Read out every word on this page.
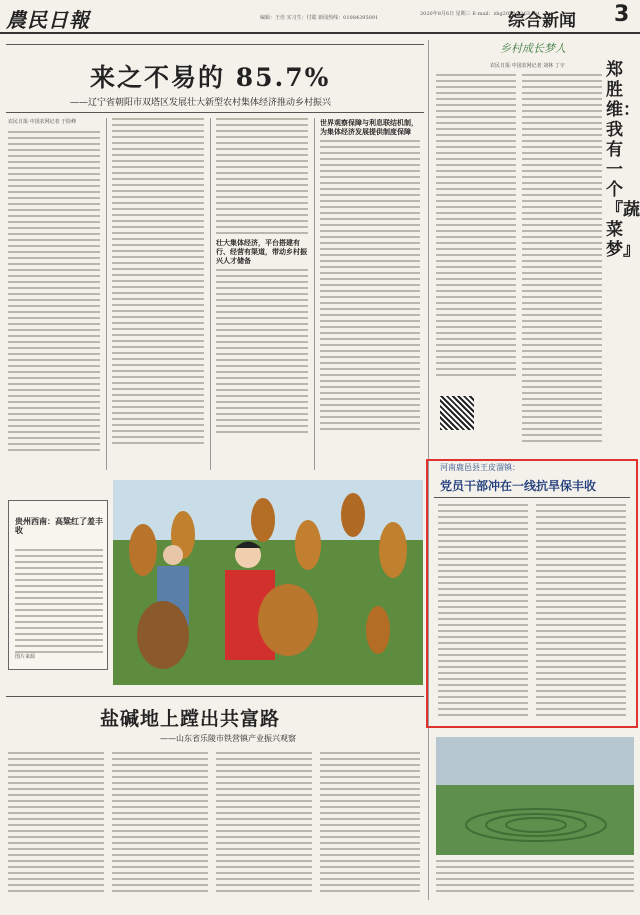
農民日報	编辑：王佳 实习生：付聪 新闻热线：01084395091
2020年8月6日 星期三 E-mail：zhg2050@263.net
综合新闻 3
来之不易的 85.7%
——辽宁省朝阳市双塔区发展壮大新型农村集体经济推动乡村振兴
农民日报·中国农网记者 于险峰
壮大集体经济，平台搭建有行、经营有渠道，带动乡村振兴人才储备
世界观察保障与利息联结机制，为集体经济发展提供制度保障
贵州西南：高粱红了羞丰收
图片来源
乡村成长梦人
农民日报·中国农网记者 刘林 丁宇 郑胜维：我有一个『蔬菜梦』
河南鹿邑县王皮溜镇：
党员干部冲在一线抗旱保丰收
盐碱地上蹚出共富路
——山东省乐陵市铁营镇产业振兴观察
